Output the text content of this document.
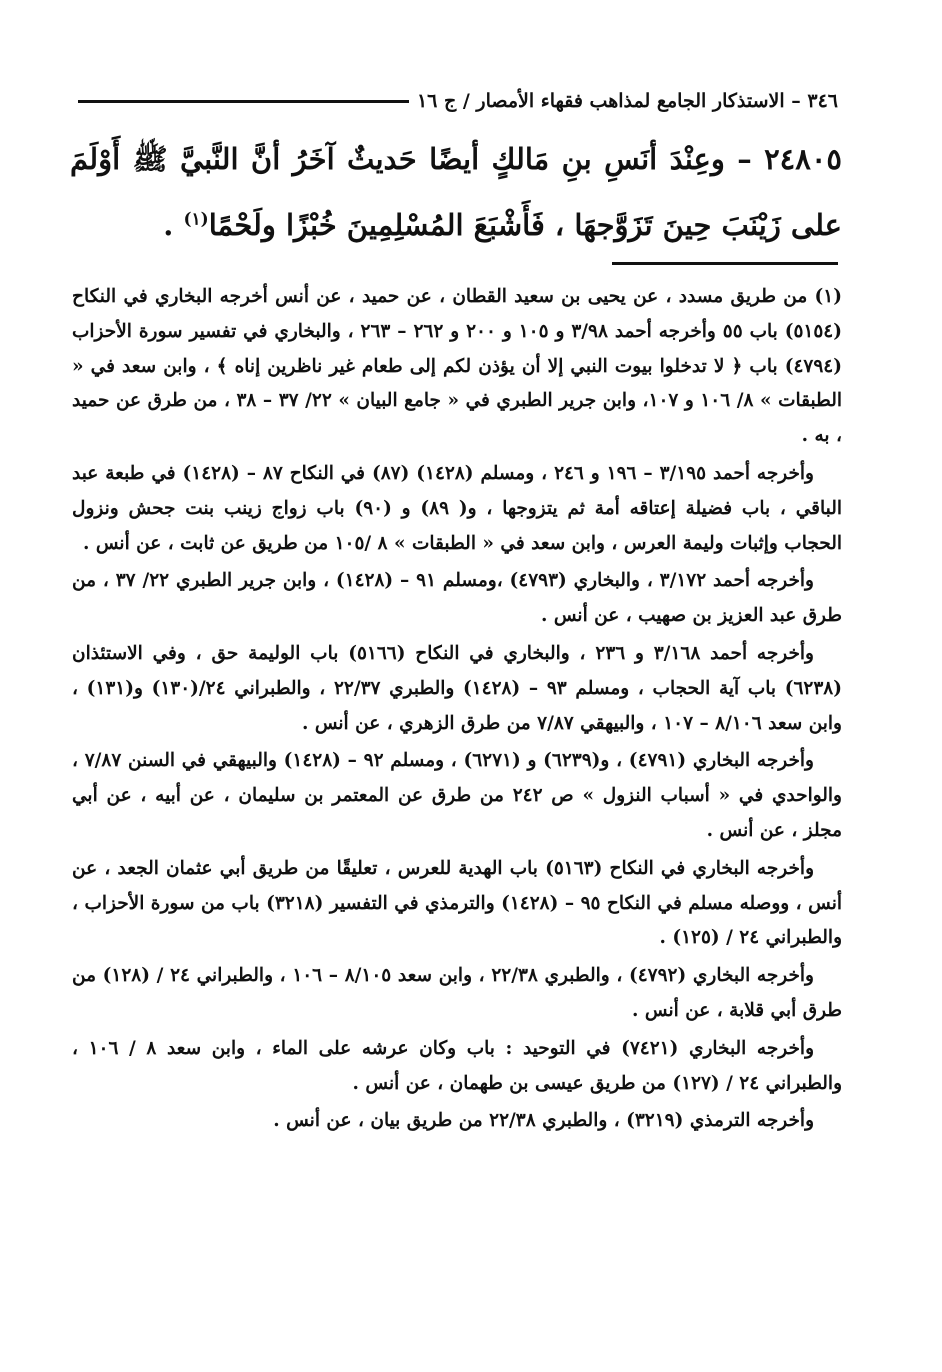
٣٤٦ – الاستذكار الجامع لمذاهب فقهاء الأمصار / ج ١٦
٢٤٨٠٥ – وعِنْدَ أنَسِ بنِ مَالكٍ أيضًا حَديثٌ آخَرُ أنَّ النَّبيَّ ﷺ أَوْلَمَ على زَيْنَبَ حِينَ تَزَوَّجهَا ، فَأَشْبَعَ المُسْلِمِينَ خُبْزًا ولَحْمًا$^{(١)}$ .

(١) من طريق مسدد ، عن يحيى بن سعيد القطان ، عن حميد ، عن أنس أخرجه البخاري في النكاح (٥١٥٤) باب ٥٥ وأخرجه أحمد ٣/٩٨ و ١٠٥ و ٢٠٠ و ٢٦٢ – ٢٦٣ ، والبخاري في تفسير سورة الأحزاب (٤٧٩٤) باب ﴿ لا تدخلوا بيوت النبي إلا أن يؤذن لكم إلى طعام غير ناظرين إناه ﴾ ، وابن سعد في « الطبقات » ٨/ ١٠٦ و ١٠٧، وابن جرير الطبري في « جامع البيان » ٢٢/ ٣٧ – ٣٨ ، من طرق عن حميد ، به .

وأخرجه أحمد ٣/١٩٥ – ١٩٦ و ٢٤٦ ، ومسلم (١٤٢٨) (٨٧) في النكاح ٨٧ – (١٤٢٨) في طبعة عبد الباقي ، باب فضيلة إعتاقه أمة ثم يتزوجها ، و( ٨٩) و (٩٠) باب زواج زينب بنت جحش ونزول الحجاب وإثبات وليمة العرس ، وابن سعد في « الطبقات » ٨ /١٠٥ من طريق عن ثابت ، عن أنس .

وأخرجه أحمد ٣/١٧٢ ، والبخاري (٤٧٩٣) ،ومسلم ٩١ – (١٤٢٨) ، وابن جرير الطبري ٢٢/ ٣٧ ، من طرق عبد العزيز بن صهيب ، عن أنس .

وأخرجه أحمد ٣/١٦٨ و ٢٣٦ ، والبخاري في النكاح (٥١٦٦) باب الوليمة حق ، وفي الاستئذان (٦٢٣٨) باب آية الحجاب ، ومسلم ٩٣ – (١٤٢٨) والطبري ٢٢/٣٧ ، والطبراني ٢٤/(١٣٠) و(١٣١) ، وابن سعد ٨/١٠٦ – ١٠٧ ، والبيهقي ٧/٨٧ من طرق الزهري ، عن أنس .

وأخرجه البخاري (٤٧٩١) ، و(٦٢٣٩) و (٦٢٧١) ، ومسلم ٩٢ – (١٤٢٨) والبيهقي في السنن ٧/٨٧ ، والواحدي في « أسباب النزول » ص ٢٤٢ من طرق عن المعتمر بن سليمان ، عن أبيه ، عن أبي مجلز ، عن أنس .

وأخرجه البخاري في النكاح (٥١٦٣) باب الهدية للعرس ، تعليقًا من طريق أبي عثمان الجعد ، عن أنس ، ووصله مسلم في النكاح ٩٥ – (١٤٢٨) والترمذي في التفسير (٣٢١٨) باب من سورة الأحزاب ، والطبراني ٢٤ / (١٢٥) .

وأخرجه البخاري (٤٧٩٢) ، والطبري ٢٢/٣٨ ، وابن سعد ٨/١٠٥ – ١٠٦ ، والطبراني ٢٤ / (١٢٨) من طرق أبي قلابة ، عن أنس .

وأخرجه البخاري (٧٤٢١) في التوحيد : باب وكان عرشه على الماء ، وابن سعد ٨ / ١٠٦ ، والطبراني ٢٤ / (١٢٧) من طريق عيسى بن طهمان ، عن أنس .

وأخرجه الترمذي (٣٢١٩) ، والطبري ٢٢/٣٨ من طريق بيان ، عن أنس .
